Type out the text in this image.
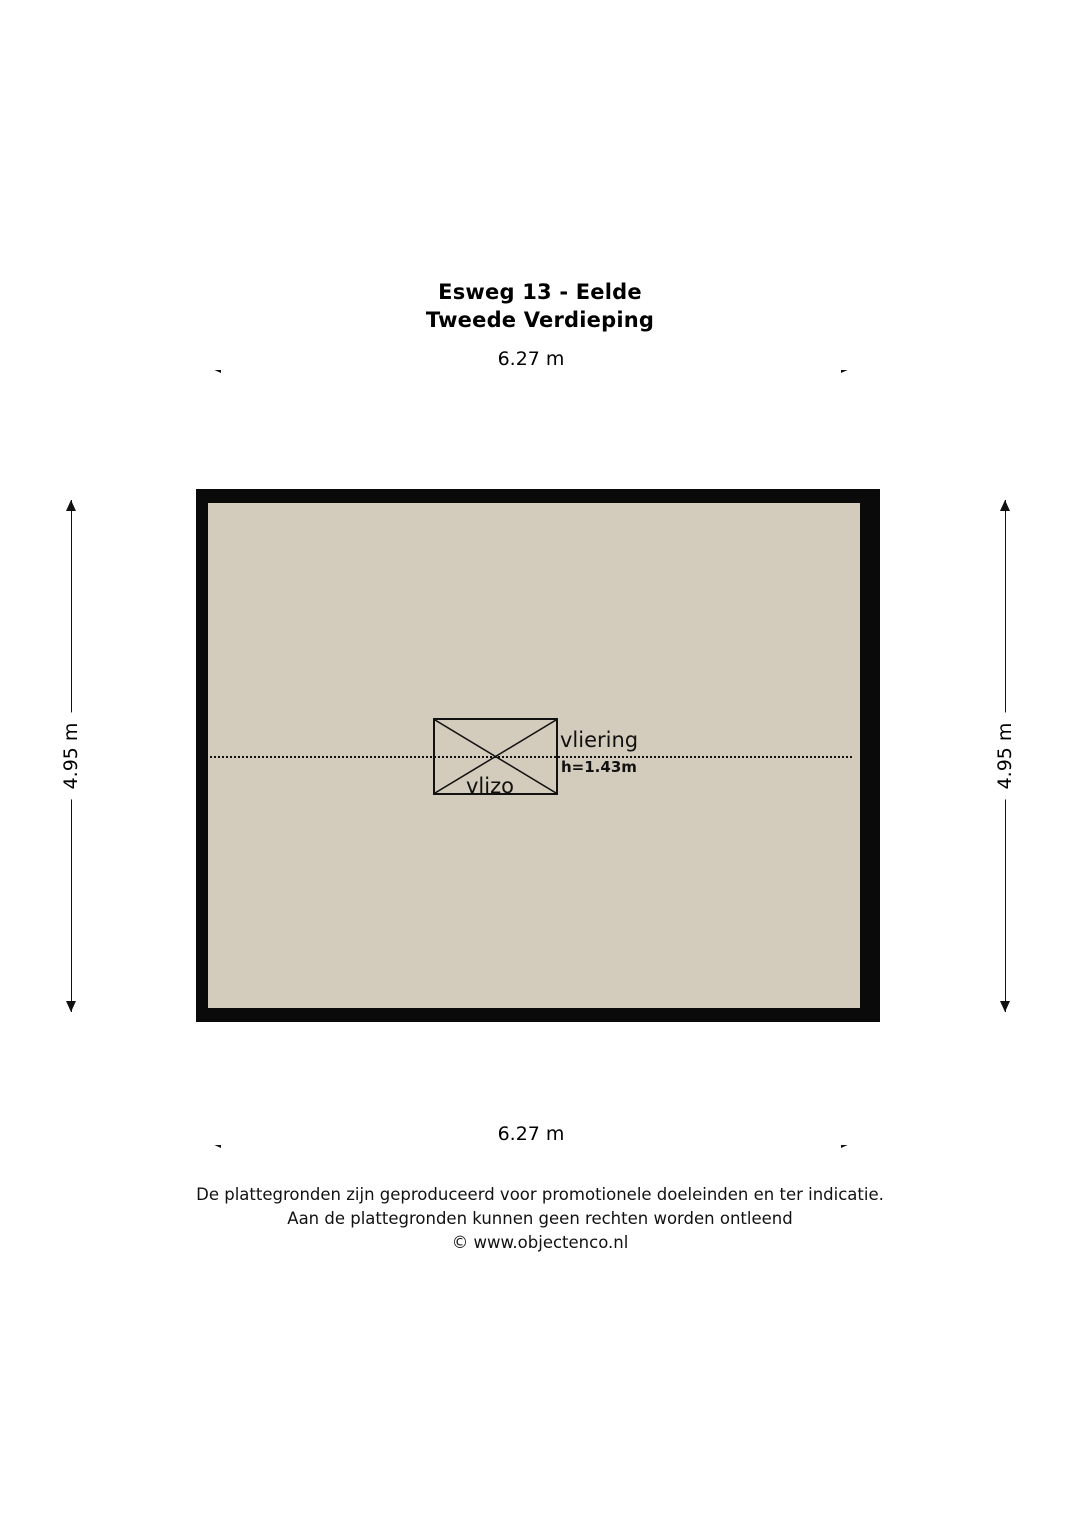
Esweg 13 - Eelde
Tweede Verdieping
6.27 m
4.95 m	4.95 m
vlizo
vliering
h=1.43m
6.27 m
De plattegronden zijn geproduceerd voor promotionele doeleinden en ter indicatie.
Aan de plattegronden kunnen geen rechten worden ontleend
© www.objectenco.nl
